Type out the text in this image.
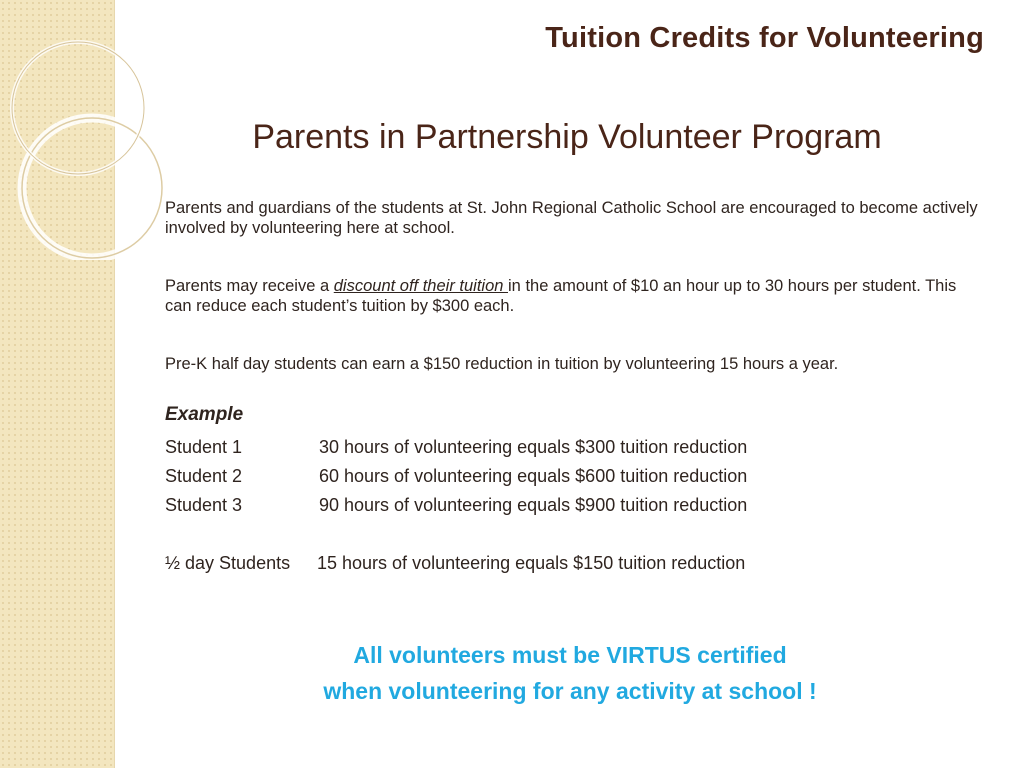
Tuition Credits for Volunteering
Parents in Partnership Volunteer Program
Parents and guardians of the students at St. John Regional Catholic School are encouraged to become actively involved by volunteering here at school.
Parents may receive a discount off their tuition in the amount of $10 an hour up to 30 hours per student. This can reduce each student’s tuition by $300 each.
Pre-K half day students can earn a $150 reduction in tuition by volunteering 15 hours a year.
Example
Student 1	30 hours of volunteering equals $300 tuition reduction
Student 2	60 hours of volunteering equals $600 tuition reduction
Student 3	90 hours of volunteering equals $900 tuition reduction
½ day Students 15 hours of volunteering equals $150 tuition reduction
All volunteers must be VIRTUS certified
when volunteering for any activity at school !
